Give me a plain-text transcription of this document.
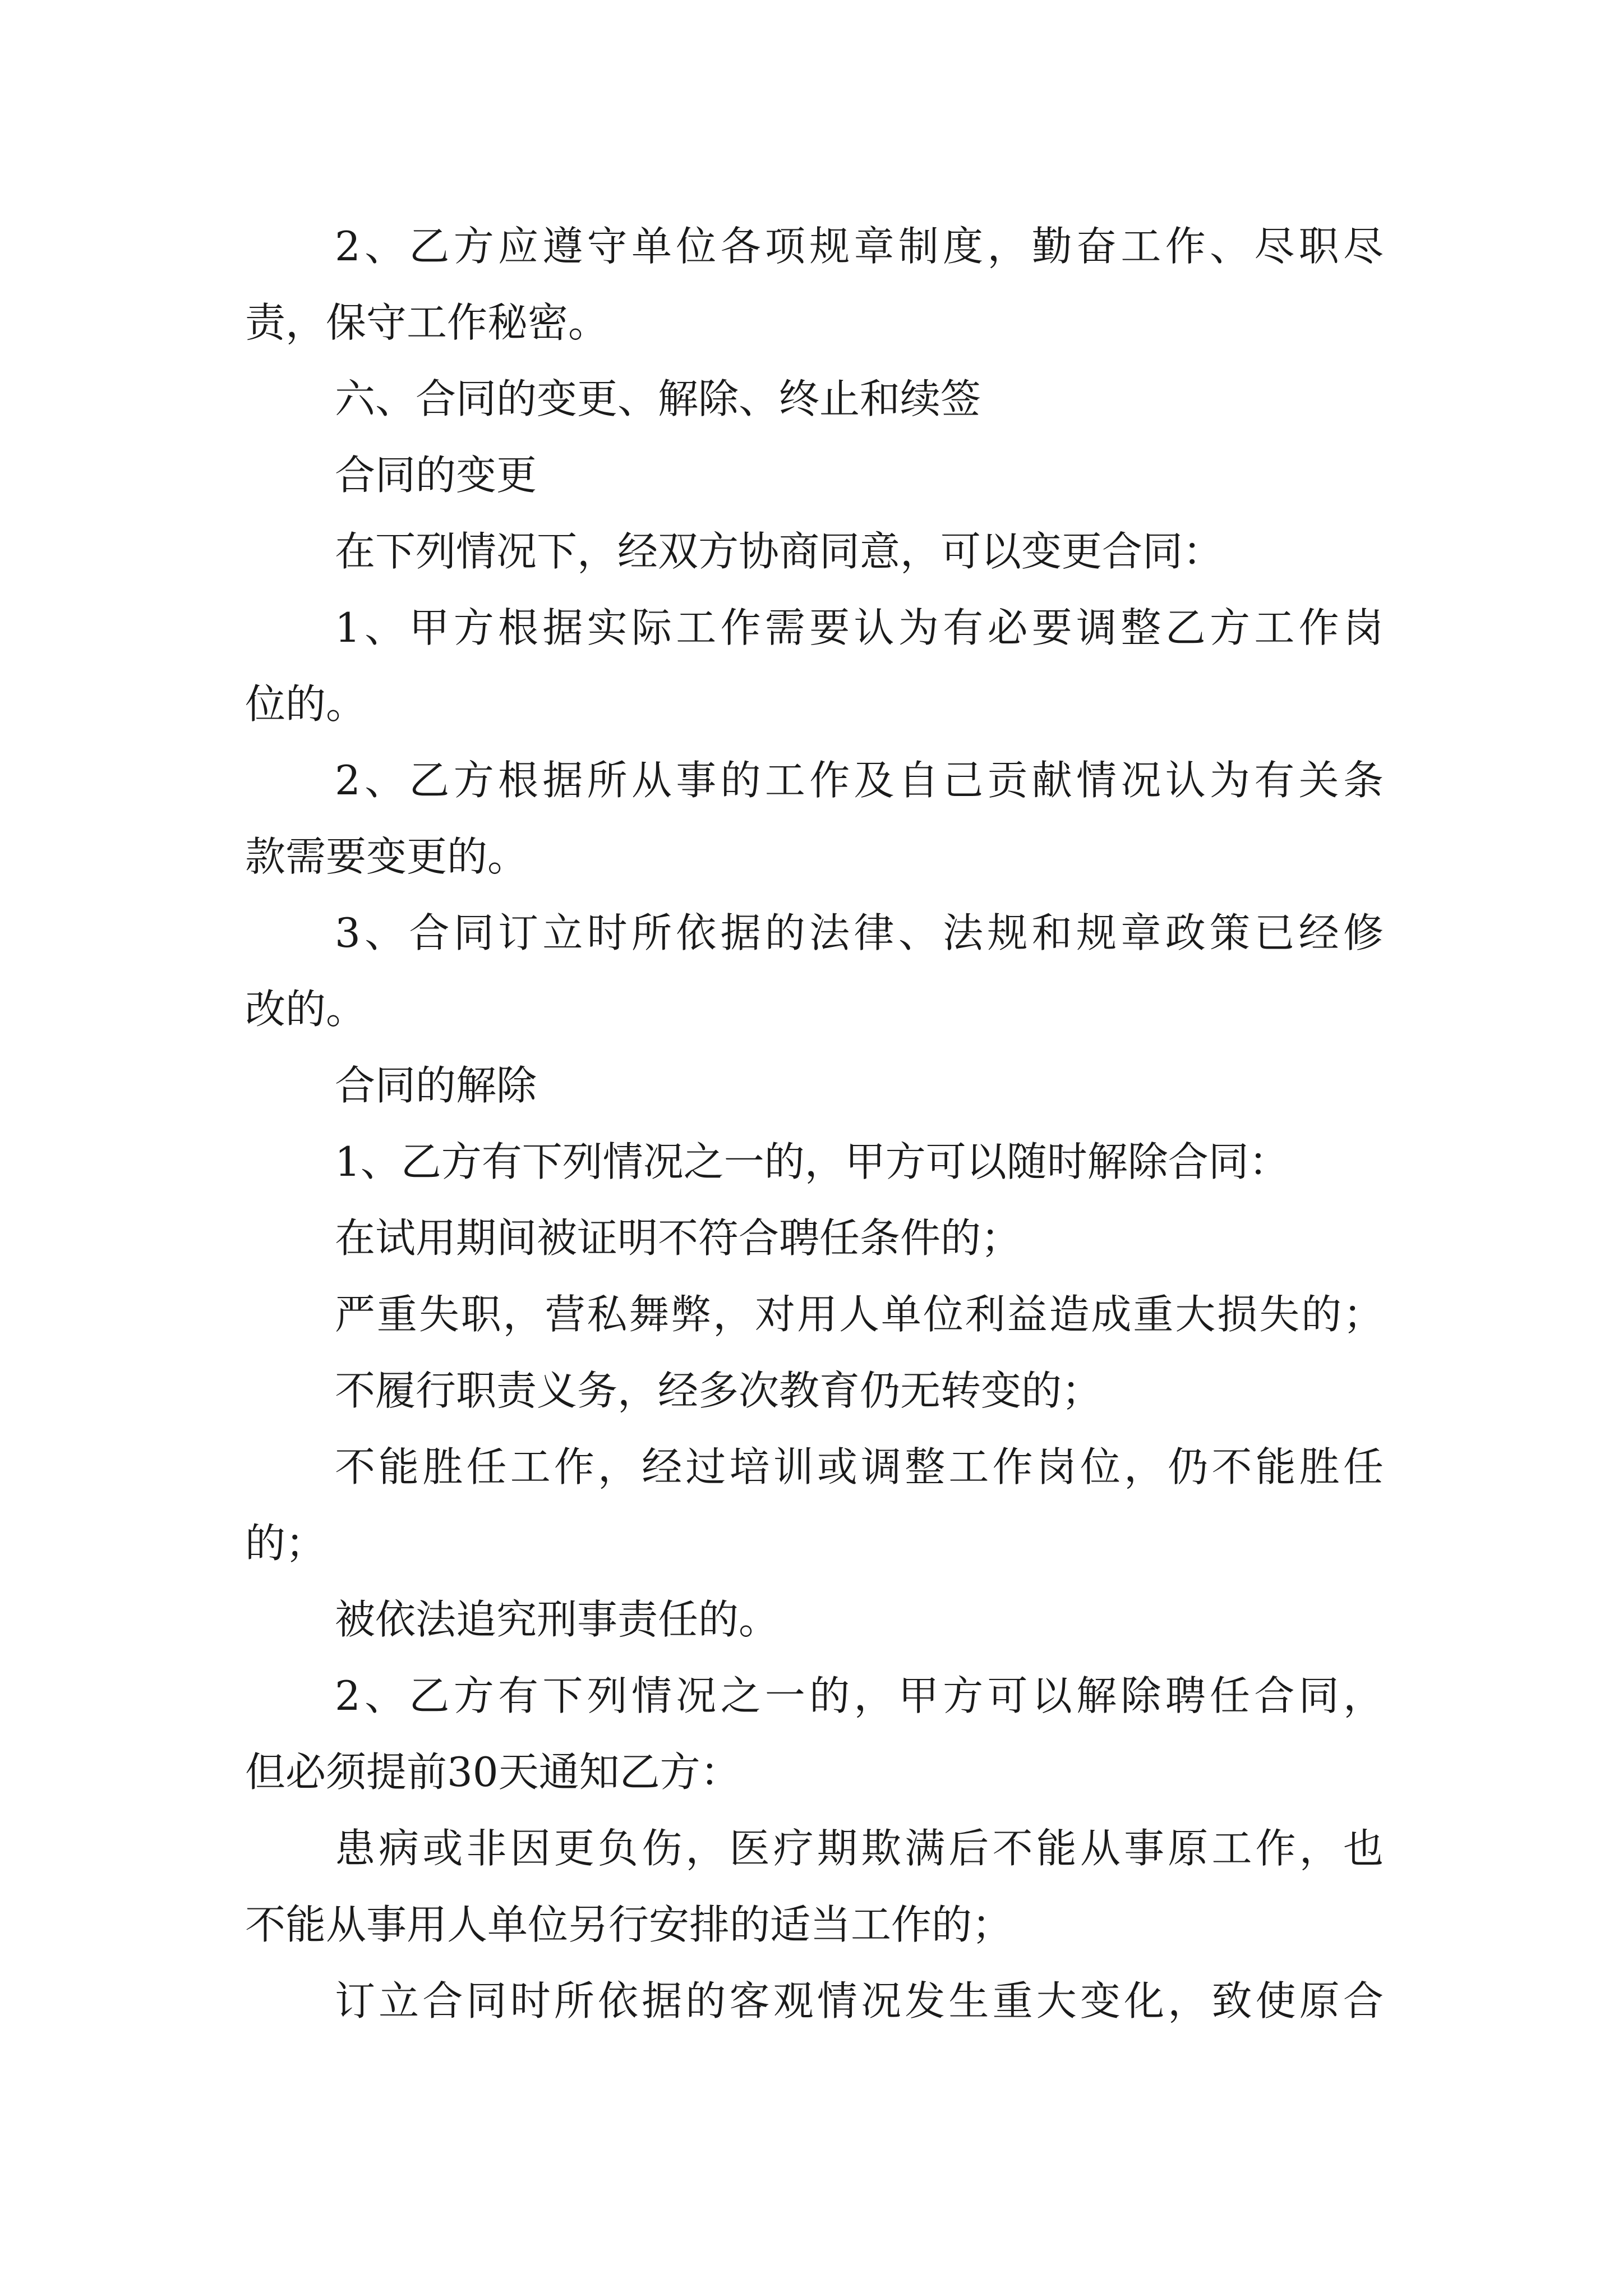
2、乙方应遵守单位各项规章制度，勤奋工作、尽职尽
责，保守工作秘密。
六、合同的变更、解除、终止和续签
合同的变更
在下列情况下，经双方协商同意，可以变更合同：
1、甲方根据实际工作需要认为有必要调整乙方工作岗
位的。
2、乙方根据所从事的工作及自己贡献情况认为有关条
款需要变更的。
3、合同订立时所依据的法律、法规和规章政策已经修
改的。
合同的解除
1、乙方有下列情况之一的，甲方可以随时解除合同：
在试用期间被证明不符合聘任条件的；
严重失职，营私舞弊，对用人单位利益造成重大损失的；
不履行职责义务，经多次教育仍无转变的；
不能胜任工作，经过培训或调整工作岗位，仍不能胜任
的；
被依法追究刑事责任的。
2、乙方有下列情况之一的，甲方可以解除聘任合同，
但必须提前30天通知乙方：
患病或非因更负伤，医疗期欺满后不能从事原工作，也
不能从事用人单位另行安排的适当工作的；
订立合同时所依据的客观情况发生重大变化，致使原合
